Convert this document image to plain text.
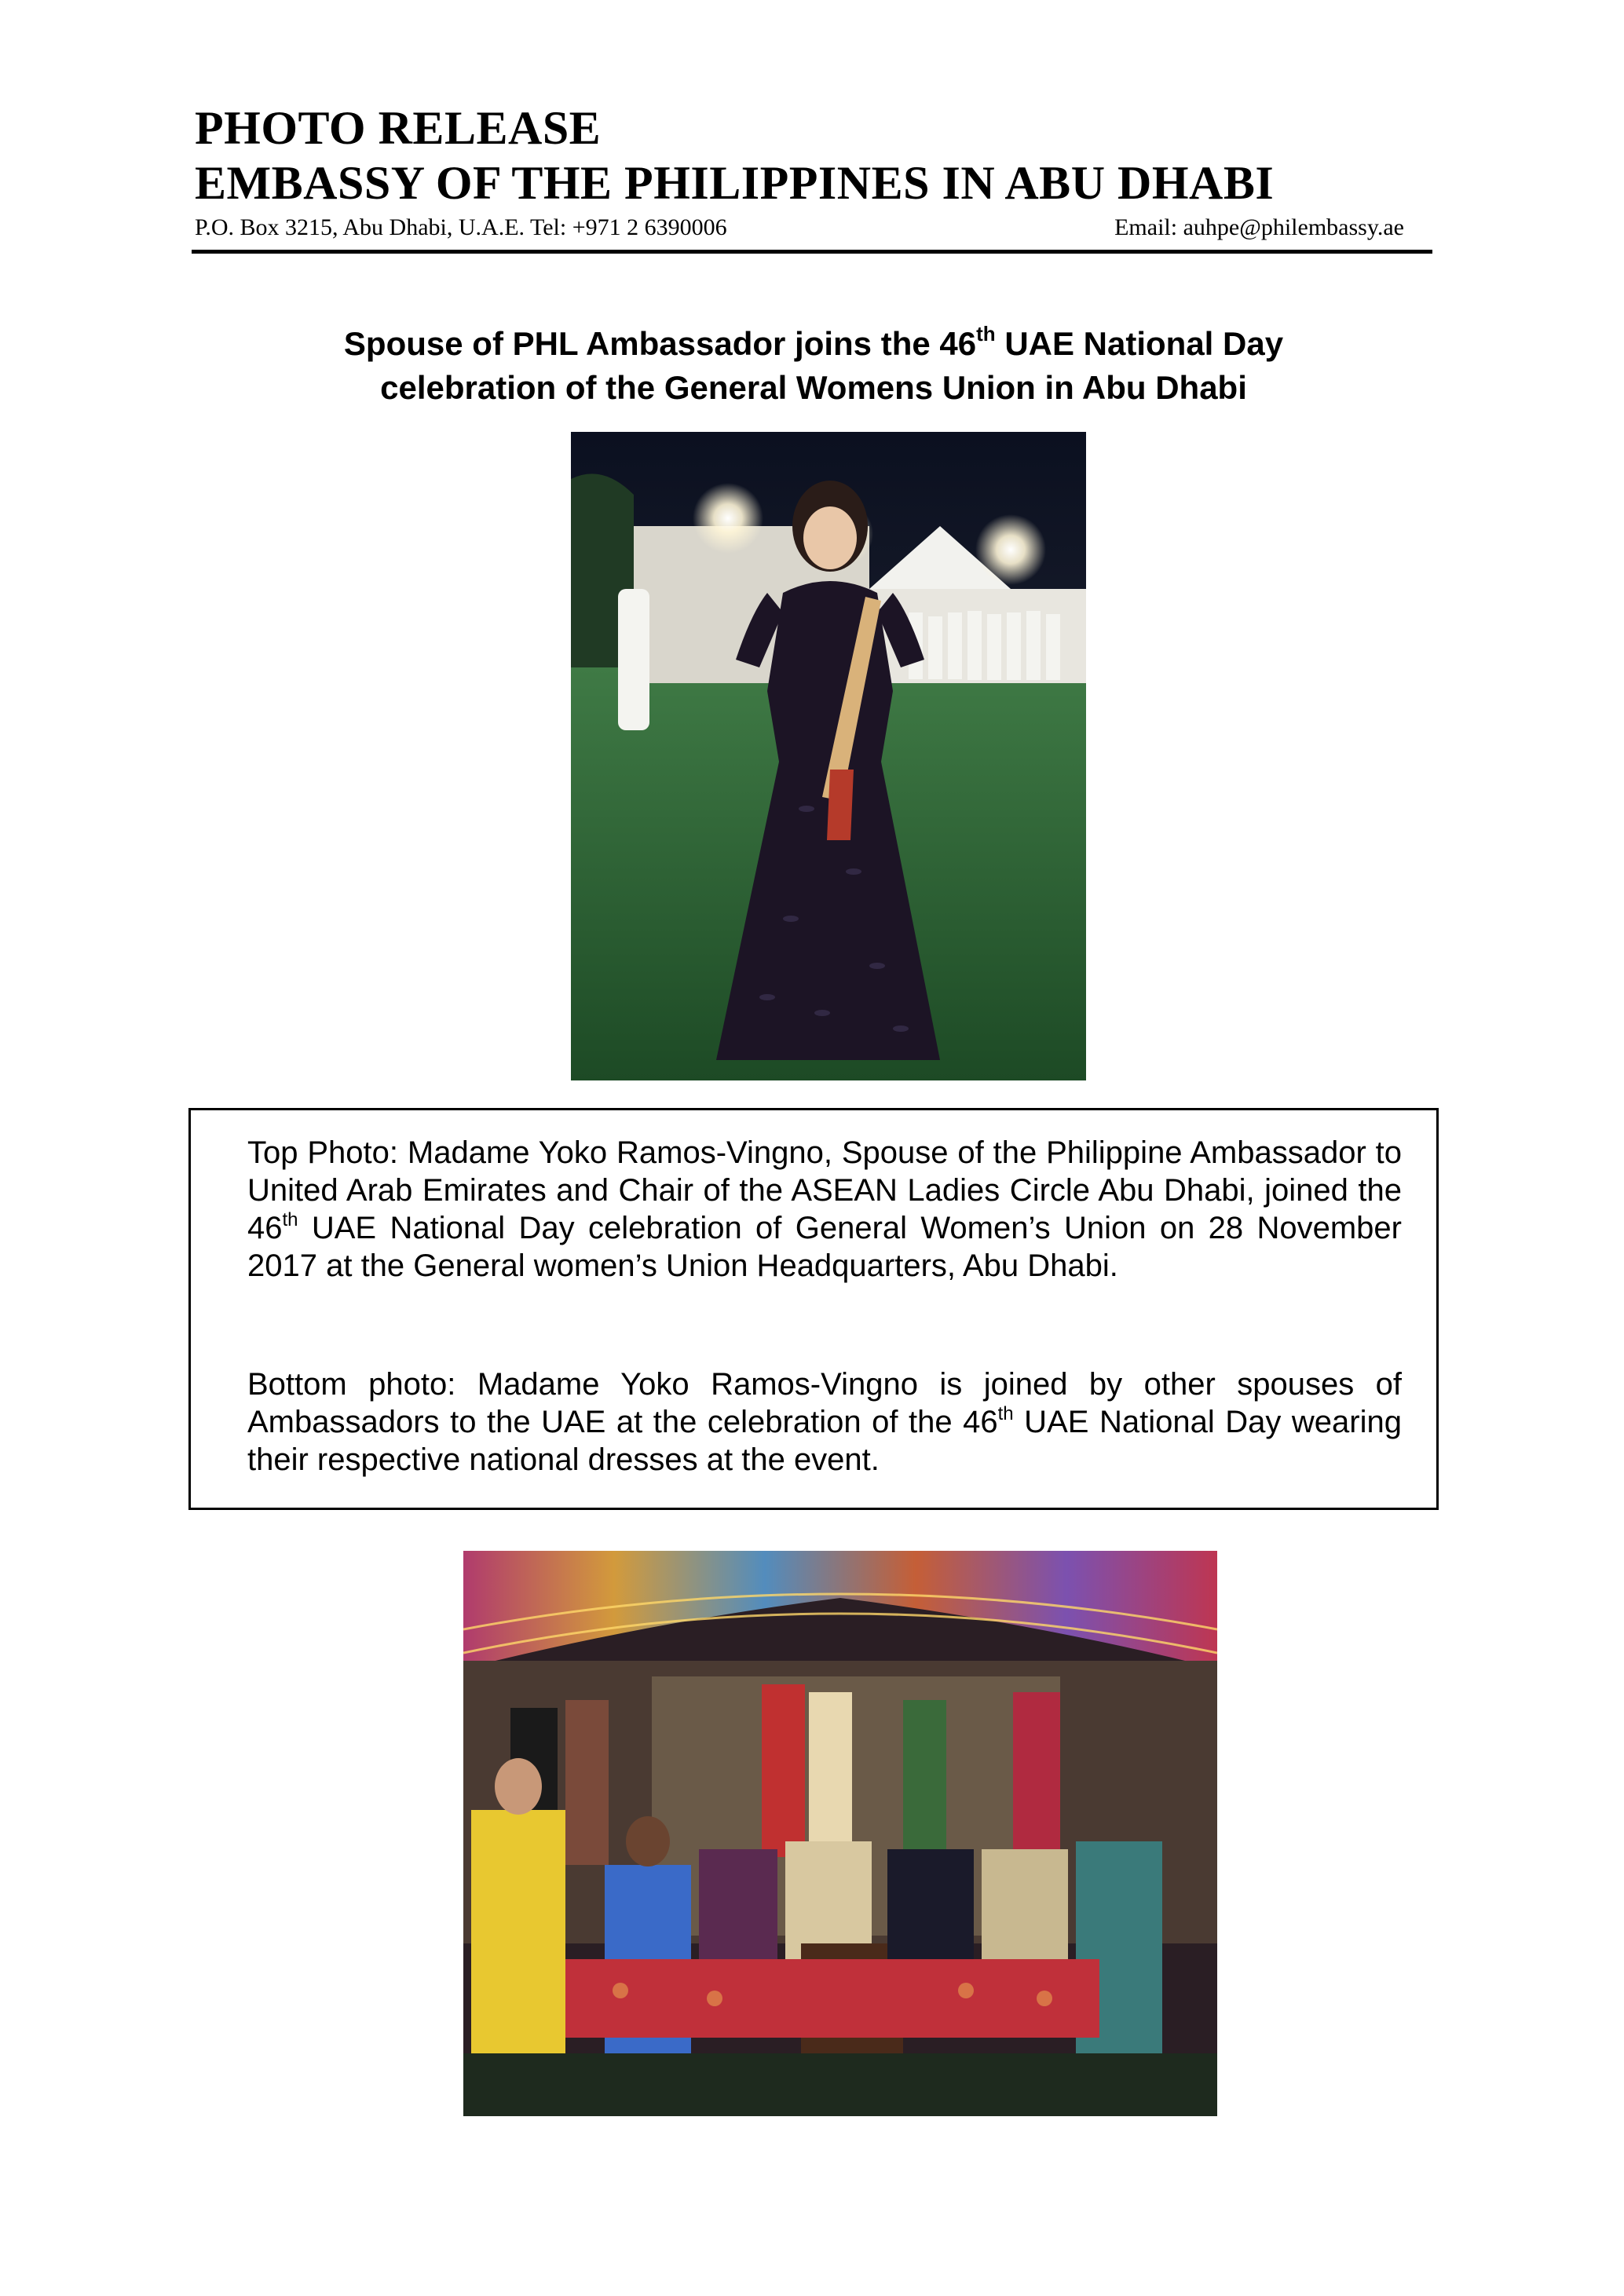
PHOTO RELEASE
EMBASSY OF THE PHILIPPINES IN ABU DHABI
P.O. Box 3215, Abu Dhabi, U.A.E. Tel: +971 2 6390006	Email: auhpe@philembassy.ae
Spouse of PHL Ambassador joins the 46th UAE National Day
celebration of the General Womens Union in Abu Dhabi

Top Photo: Madame Yoko Ramos-Vingno, Spouse of the Philippine Ambassador to United Arab Emirates and Chair of the ASEAN Ladies Circle Abu Dhabi, joined the 46th UAE National Day celebration of General Women’s Union on 28 November 2017 at the General women’s Union Headquarters, Abu Dhabi.

Bottom photo: Madame Yoko Ramos-Vingno is joined by other spouses of Ambassadors to the UAE at the celebration of the 46th UAE National Day wearing their respective national dresses at the event.
